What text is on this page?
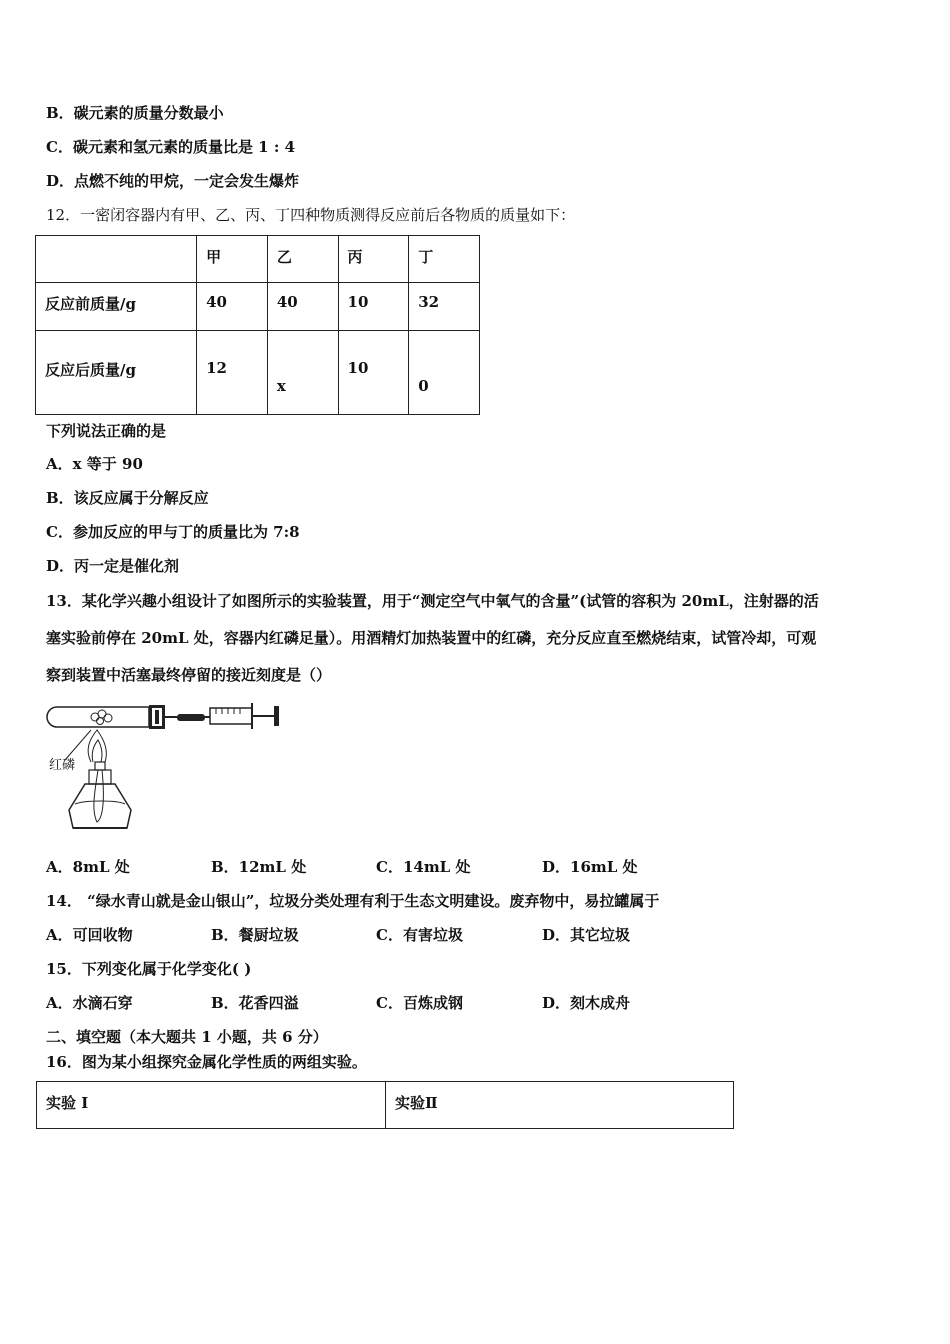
B．碳元素的质量分数最小
C．碳元素和氢元素的质量比是 1 : 4
D．点燃不纯的甲烷，一定会发生爆炸
12．一密闭容器内有甲、乙、丙、丁四种物质测得反应前后各物质的质量如下：
	甲	乙	丙	丁
反应前质量/g	40	40	10	32
反应后质量/g	12	x	10	0
下列说法正确的是
A．x 等于 90
B．该反应属于分解反应
C．参加反应的甲与丁的质量比为 7:8
D．丙一定是催化剂
13．某化学兴趣小组设计了如图所示的实验装置，用于“测定空气中氧气的含量”(试管的容积为 20mL，注射器的活
塞实验前停在 20mL 处，容器内红磷足量）。用酒精灯加热装置中的红磷，充分反应直至燃烧结束，试管冷却，可观
察到装置中活塞最终停留的接近刻度是（）
红磷
A．8mL 处	B．12mL 处	C．14mL 处	D．16mL 处
14． “绿水青山就是金山银山”，垃圾分类处理有利于生态文明建设。废弃物中，易拉罐属于
A．可回收物	B．餐厨垃圾	C．有害垃圾	D．其它垃圾
15．下列变化属于化学变化( )
A．水滴石穿	B．花香四溢	C．百炼成钢	D．刻木成舟
二、填空题（本大题共 1 小题，共 6 分）
16．图为某小组探究金属化学性质的两组实验。
实验 I	实验Ⅱ
